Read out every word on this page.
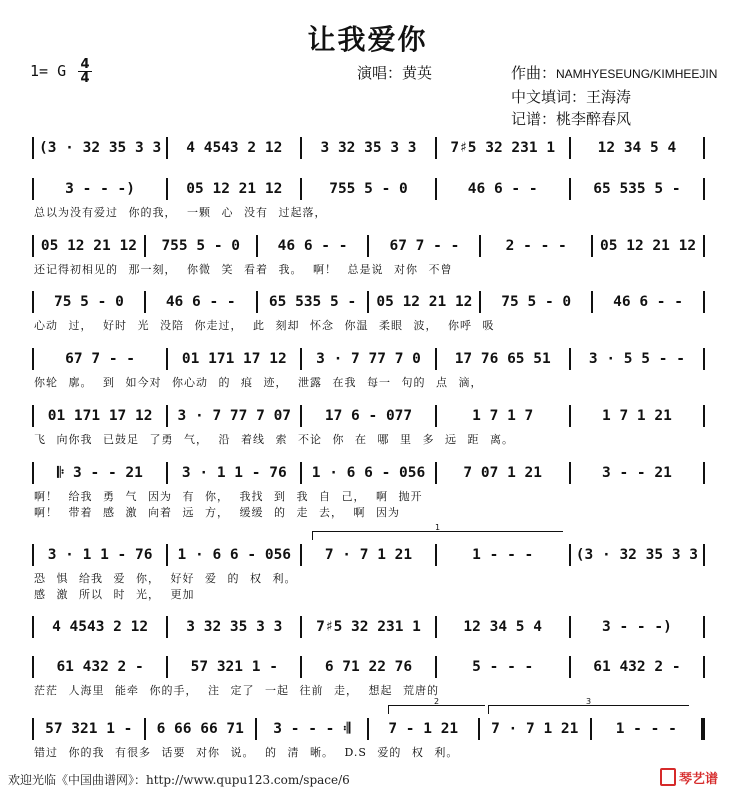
让我爱你
1= G 4
4	演唱：黄英	作曲：NAMHYESEUNG/KIMHEEJIN
中文填词：王海涛
记谱：桃李醉春风
(3 · 32 35 3 3	4 4543 2 12	3 32 35 3 3	7♯5 32 231 1	12 34 5 4
3 - - -)	05 12 21 12	755 5 - 0	46 6 - -	65 535 5 -
总以为没有爱过 你的我， 一颗 心 没有 过起落，
05 12 21 12	755 5 - 0	46 6 - -	67 7 - -	2 - - -	05 12 21 12
还记得初相见的 那一刻， 你微 笑 看着 我。 啊！ 总是说 对你 不曾
75 5 - 0	46 6 - -	65 535 5 -	05 12 21 12	75 5 - 0	46 6 - -
心动 过， 好时 光 没陪 你走过， 此 刻却 怀念 你温 柔眼 波， 你呼 吸
67 7 - -	01 171 17 12	3 · 7 77 7 0	17 76 65 51	3 · 5 5 - -
你轮 廓。 到 如今对 你心动 的 痕 迹， 泄露 在我 每一 句的 点 滴，
01 171 17 12	3 · 7 77 7 07	17 6 - 077	1 7 1 7	1 7 1 21
飞 向你我 已鼓足 了勇 气， 沿 着线 索 不论 你 在 哪 里 多 远 距 离。
𝄆 3 - - 21	3 · 1 1 - 76	1 · 6 6 - 056	7 07 1 21	3 - - 21
啊！ 给我 勇 气 因为 有 你， 我找 到 我 自 己， 啊 抛开
啊！ 带着 感 激 向着 远 方， 缓缓 的 走 去， 啊 因为
3 · 1 1 - 76	1 · 6 6 - 056	7 · 7 1 21	1 - - -	(3 · 32 35 3 3
恐 惧 给我 爱 你， 好好 爱 的 权 利。
感 激 所以 时 光， 更加
4 4543 2 12	3 32 35 3 3	7♯5 32 231 1	12 34 5 4	3 - - -)
61 432 2 -	57 321 1 -	6 71 22 76	5 - - -	61 432 2 -
茫茫 人海里 能牵 你的手， 注 定了 一起 往前 走， 想起 荒唐的
57 321 1 -	6 66 66 71	3 - - - 𝄇	7 - 1 21	7 · 7 1 21	1 - - -
错过 你的我 有很多 话要 对你 说。 的 清 晰。 D.S 爱的 权 利。
1
2	3
欢迎光临《中国曲谱网》：http://www.qupu123.com/space/6	琴艺谱
